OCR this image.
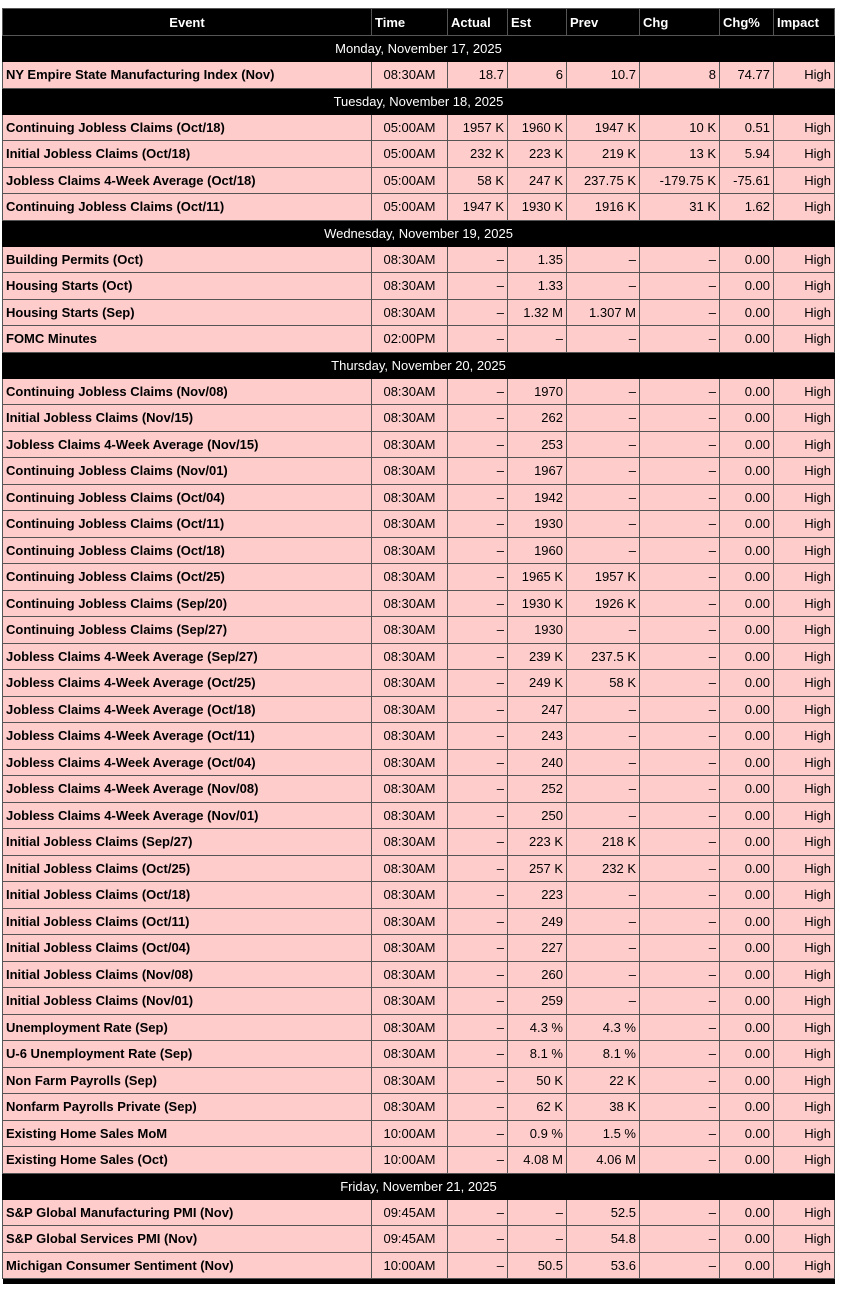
Event	Time	Actual	Est	Prev	Chg	Chg%	Impact
Monday, November 17, 2025							
NY Empire State Manufacturing Index (Nov)	08:30AM	18.7	6	10.7	8	74.77	High
Tuesday, November 18, 2025							
Continuing Jobless Claims (Oct/18)	05:00AM	1957 K	1960 K	1947 K	10 K	0.51	High
Initial Jobless Claims (Oct/18)	05:00AM	232 K	223 K	219 K	13 K	5.94	High
Jobless Claims 4-Week Average (Oct/18)	05:00AM	58 K	247 K	237.75 K	-179.75 K	-75.61	High
Continuing Jobless Claims (Oct/11)	05:00AM	1947 K	1930 K	1916 K	31 K	1.62	High
Wednesday, November 19, 2025							
Building Permits (Oct)	08:30AM	–	1.35	–	–	0.00	High
Housing Starts (Oct)	08:30AM	–	1.33	–	–	0.00	High
Housing Starts (Sep)	08:30AM	–	1.32 M	1.307 M	–	0.00	High
FOMC Minutes	02:00PM	–	–	–	–	0.00	High
Thursday, November 20, 2025							
Continuing Jobless Claims (Nov/08)	08:30AM	–	1970	–	–	0.00	High
Initial Jobless Claims (Nov/15)	08:30AM	–	262	–	–	0.00	High
Jobless Claims 4-Week Average (Nov/15)	08:30AM	–	253	–	–	0.00	High
Continuing Jobless Claims (Nov/01)	08:30AM	–	1967	–	–	0.00	High
Continuing Jobless Claims (Oct/04)	08:30AM	–	1942	–	–	0.00	High
Continuing Jobless Claims (Oct/11)	08:30AM	–	1930	–	–	0.00	High
Continuing Jobless Claims (Oct/18)	08:30AM	–	1960	–	–	0.00	High
Continuing Jobless Claims (Oct/25)	08:30AM	–	1965 K	1957 K	–	0.00	High
Continuing Jobless Claims (Sep/20)	08:30AM	–	1930 K	1926 K	–	0.00	High
Continuing Jobless Claims (Sep/27)	08:30AM	–	1930	–	–	0.00	High
Jobless Claims 4-Week Average (Sep/27)	08:30AM	–	239 K	237.5 K	–	0.00	High
Jobless Claims 4-Week Average (Oct/25)	08:30AM	–	249 K	58 K	–	0.00	High
Jobless Claims 4-Week Average (Oct/18)	08:30AM	–	247	–	–	0.00	High
Jobless Claims 4-Week Average (Oct/11)	08:30AM	–	243	–	–	0.00	High
Jobless Claims 4-Week Average (Oct/04)	08:30AM	–	240	–	–	0.00	High
Jobless Claims 4-Week Average (Nov/08)	08:30AM	–	252	–	–	0.00	High
Jobless Claims 4-Week Average (Nov/01)	08:30AM	–	250	–	–	0.00	High
Initial Jobless Claims (Sep/27)	08:30AM	–	223 K	218 K	–	0.00	High
Initial Jobless Claims (Oct/25)	08:30AM	–	257 K	232 K	–	0.00	High
Initial Jobless Claims (Oct/18)	08:30AM	–	223	–	–	0.00	High
Initial Jobless Claims (Oct/11)	08:30AM	–	249	–	–	0.00	High
Initial Jobless Claims (Oct/04)	08:30AM	–	227	–	–	0.00	High
Initial Jobless Claims (Nov/08)	08:30AM	–	260	–	–	0.00	High
Initial Jobless Claims (Nov/01)	08:30AM	–	259	–	–	0.00	High
Unemployment Rate (Sep)	08:30AM	–	4.3 %	4.3 %	–	0.00	High
U-6 Unemployment Rate (Sep)	08:30AM	–	8.1 %	8.1 %	–	0.00	High
Non Farm Payrolls (Sep)	08:30AM	–	50 K	22 K	–	0.00	High
Nonfarm Payrolls Private (Sep)	08:30AM	–	62 K	38 K	–	0.00	High
Existing Home Sales MoM	10:00AM	–	0.9 %	1.5 %	–	0.00	High
Existing Home Sales (Oct)	10:00AM	–	4.08 M	4.06 M	–	0.00	High
Friday, November 21, 2025							
S&P Global Manufacturing PMI (Nov)	09:45AM	–	–	52.5	–	0.00	High
S&P Global Services PMI (Nov)	09:45AM	–	–	54.8	–	0.00	High
Michigan Consumer Sentiment (Nov)	10:00AM	–	50.5	53.6	–	0.00	High
